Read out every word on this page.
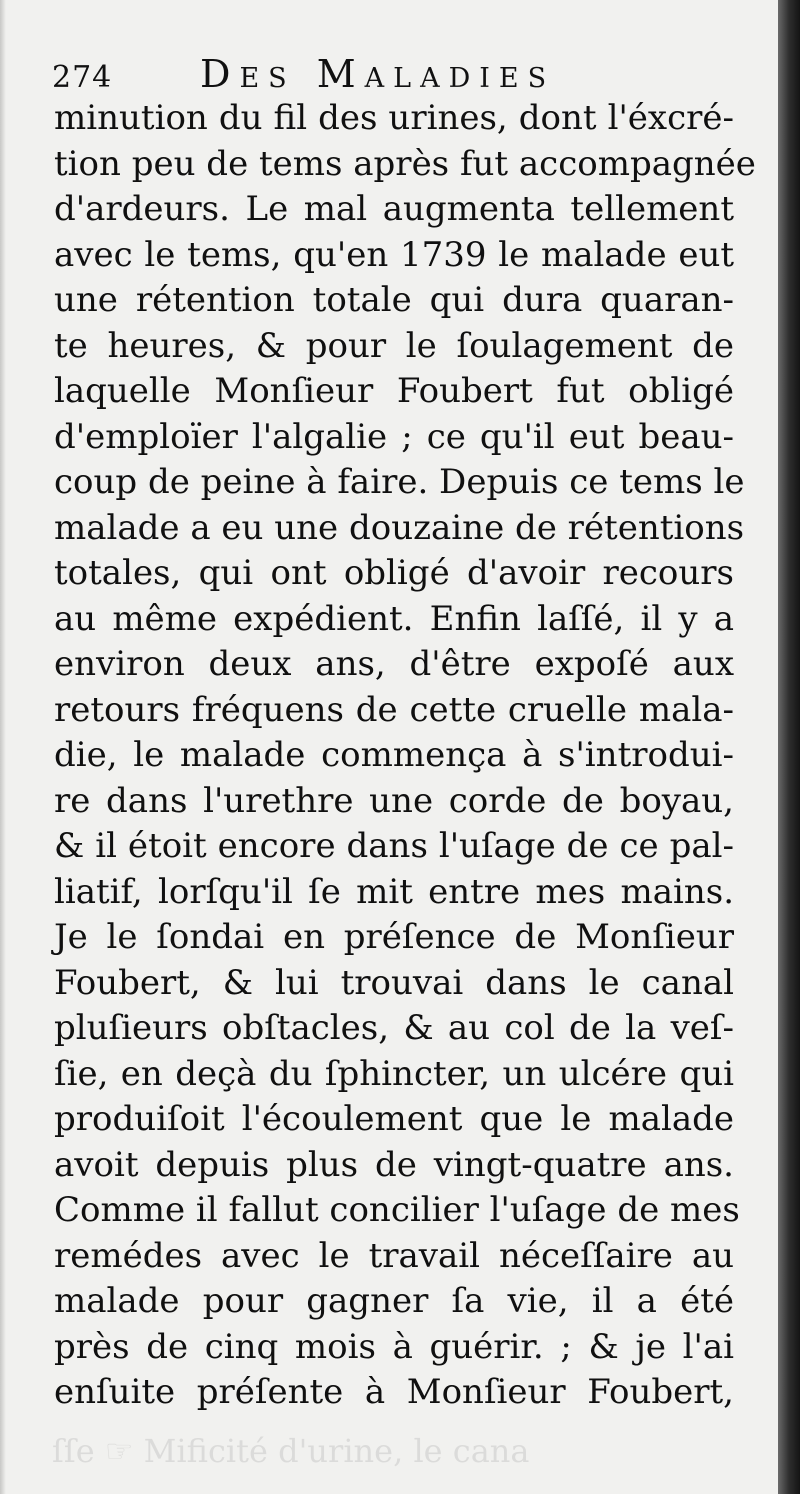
274 Des Maladies
minution du fil des urines, dont l'éxcré-
tion peu de tems après fut accompagnée
d'ardeurs. Le mal augmenta tellement
avec le tems, qu'en 1739 le malade eut
une rétention totale qui dura quaran-
te heures, & pour le ſoulagement de
laquelle Monſieur Foubert fut obligé
d'emploïer l'algalie ; ce qu'il eut beau-
coup de peine à faire. Depuis ce tems le
malade a eu une douzaine de rétentions
totales, qui ont obligé d'avoir recours
au même expédient. Enfin laſſé, il y a
environ deux ans, d'être expoſé aux
retours fréquens de cette cruelle mala-
die, le malade commença à s'introdui-
re dans l'urethre une corde de boyau,
& il étoit encore dans l'uſage de ce pal-
liatif, lorſqu'il ſe mit entre mes mains.
Je le ſondai en préſence de Monſieur
Foubert, & lui trouvai dans le canal
pluſieurs obſtacles, & au col de la veſ-
ſie, en deçà du ſphincter, un ulcére qui
produiſoit l'écoulement que le malade
avoit depuis plus de vingt-quatre ans.
Comme il fallut concilier l'uſage de mes
remédes avec le travail néceſſaire au
malade pour gagner ſa vie, il a été
près de cinq mois à guérir. ; & je l'ai
enſuite préſente à Monſieur Foubert,
ſſe ☞ Mificité d'urine, le cana
